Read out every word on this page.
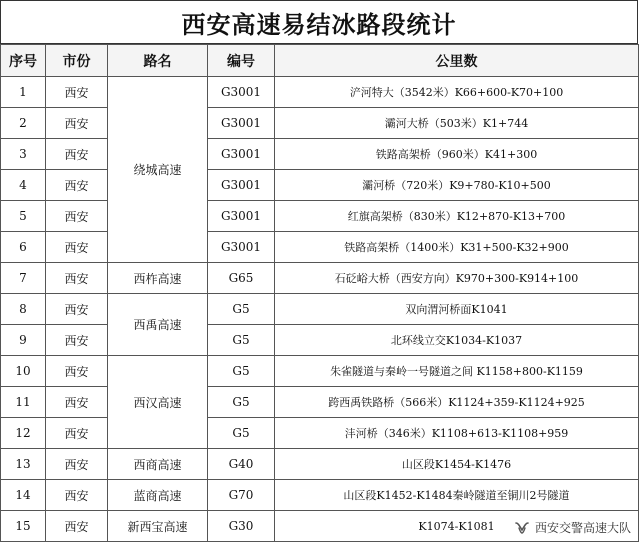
西安高速易结冰路段统计
序号	市份	路名	编号	公里数
1	西安	绕城高速	G3001	浐河特大（3542米）K66+600-K70+100
2	西安		G3001	灞河大桥（503米）K1+744
3	西安		G3001	铁路高架桥（960米）K41+300
4	西安		G3001	灞河桥（720米）K9+780-K10+500
5	西安		G3001	红旗高架桥（830米）K12+870-K13+700
6	西安		G3001	铁路高架桥（1400米）K31+500-K32+900
7	西安	西柞高速	G65	石砭峪大桥（西安方向）K970+300-K914+100
8	西安	西禹高速	G5	双向渭河桥面K1041
9	西安		G5	北环线立交K1034-K1037
10	西安	西汉高速	G5	朱雀隧道与秦岭一号隧道之间 K1158+800-K1159
11	西安		G5	跨西禹铁路桥（566米）K1124+359-K1124+925
12	西安		G5	沣河桥（346米）K1108+613-K1108+959
13	西安	西商高速	G40	山区段K1454-K1476
14	西安	蓝商高速	G70	山区段K1452-K1484秦岭隧道至铜川2号隧道
15	西安	新西宝高速	G30	K1074-K1081	西安交警高速大队
